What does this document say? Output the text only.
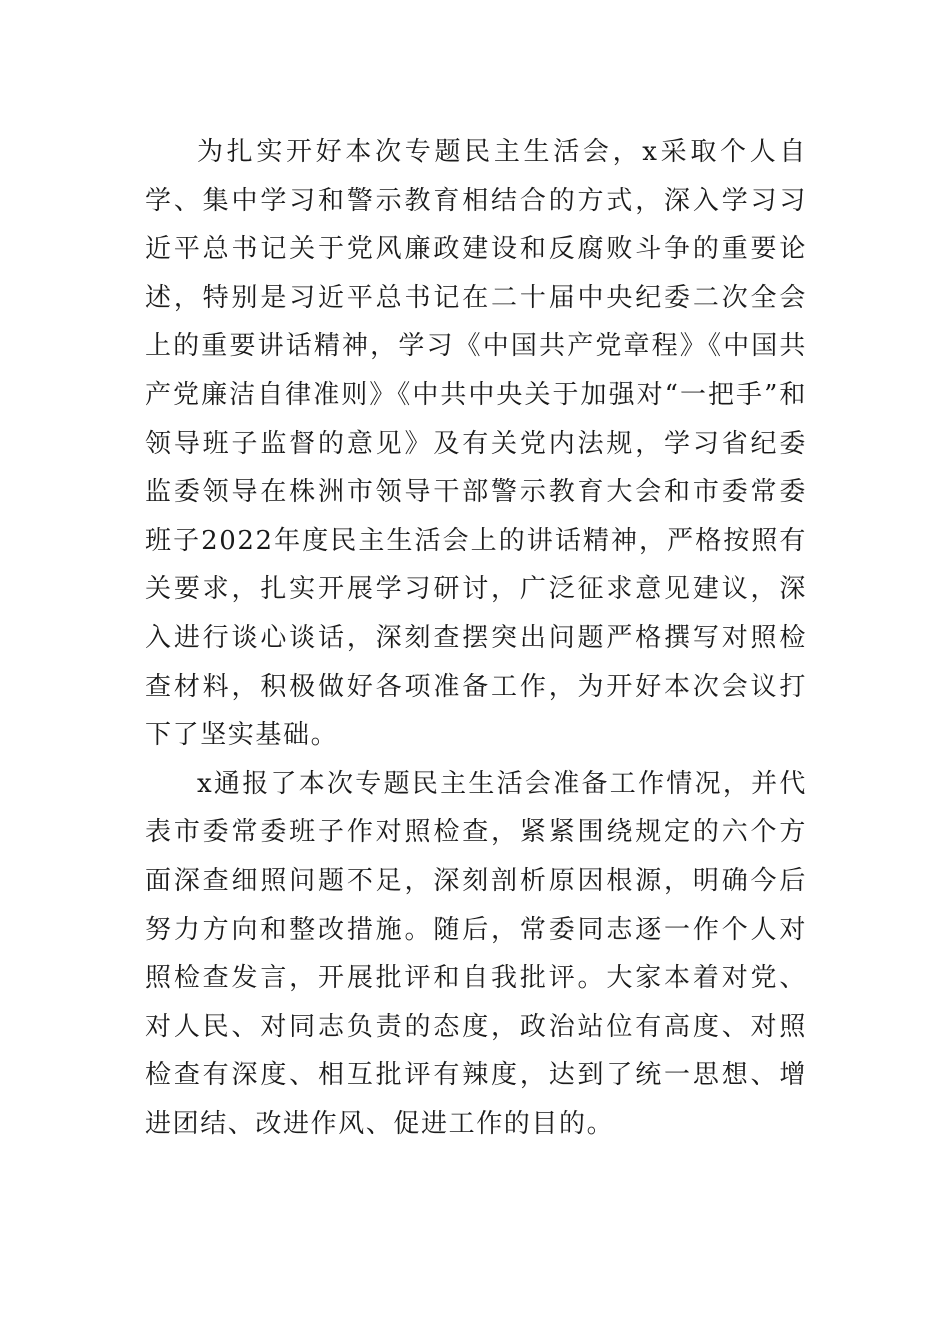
为扎实开好本次专题民主生活会，x采取个人自学、集中学习和警示教育相结合的方式，深入学习习近平总书记关于党风廉政建设和反腐败斗争的重要论述，特别是习近平总书记在二十届中央纪委二次全会上的重要讲话精神，学习《中国共产党章程》《中国共产党廉洁自律准则》《中共中央关于加强对“一把手”和领导班子监督的意见》及有关党内法规，学习省纪委监委领导在株洲市领导干部警示教育大会和市委常委班子2022年度民主生活会上的讲话精神，严格按照有关要求，扎实开展学习研讨，广泛征求意见建议，深入进行谈心谈话，深刻查摆突出问题严格撰写对照检查材料，积极做好各项准备工作，为开好本次会议打下了坚实基础。

x通报了本次专题民主生活会准备工作情况，并代表市委常委班子作对照检查，紧紧围绕规定的六个方面深查细照问题不足，深刻剖析原因根源，明确今后努力方向和整改措施。随后，常委同志逐一作个人对照检查发言，开展批评和自我批评。大家本着对党、对人民、对同志负责的态度，政治站位有高度、对照检查有深度、相互批评有辣度，达到了统一思想、增进团结、改进作风、促进工作的目的。
